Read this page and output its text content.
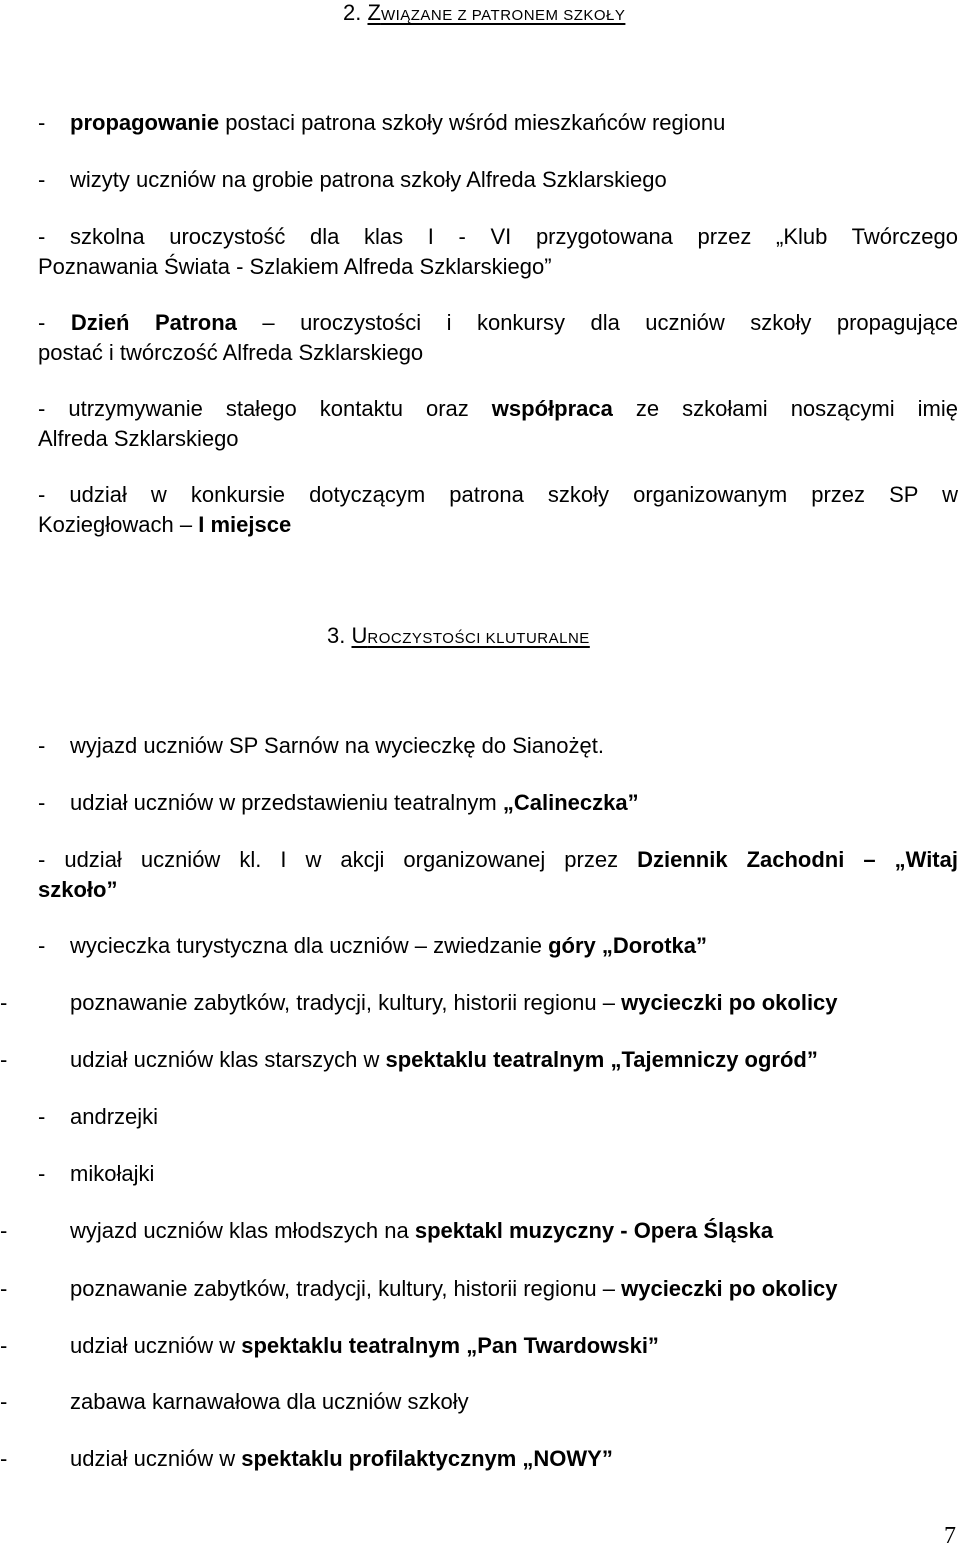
2. ZWIĄZANE Z PATRONEM SZKOŁY
- propagowanie postaci patrona szkoły wśród mieszkańców regionu
- wizyty uczniów na grobie patrona szkoły Alfreda Szklarskiego
- szkolna uroczystość dla klas I - VI przygotowana przez „Klub Twórczego
Poznawania Świata - Szlakiem Alfreda Szklarskiego”
- Dzień Patrona – uroczystości i konkursy dla uczniów szkoły propagujące
postać i twórczość Alfreda Szklarskiego
- utrzymywanie stałego kontaktu oraz współpraca ze szkołami noszącymi imię
Alfreda Szklarskiego
- udział w konkursie dotyczącym patrona szkoły organizowanym przez SP w
Koziegłowach – I miejsce
3. UROCZYSTOŚCI KLUTURALNE
- wyjazd uczniów SP Sarnów na wycieczkę do Sianożęt.
- udział uczniów w przedstawieniu teatralnym „Calineczka”
- udział uczniów kl. I w akcji organizowanej przez Dziennik Zachodni – „Witaj
szkoło”
- wycieczka turystyczna dla uczniów – zwiedzanie góry „Dorotka”
-	poznawanie zabytków, tradycji, kultury, historii regionu – wycieczki po okolicy
-	udział uczniów klas starszych w spektaklu teatralnym „Tajemniczy ogród”
- andrzejki
- mikołajki
-	wyjazd uczniów klas młodszych na spektakl muzyczny - Opera Śląska
-	poznawanie zabytków, tradycji, kultury, historii regionu – wycieczki po okolicy
-	udział uczniów w spektaklu teatralnym „Pan Twardowski”
-	zabawa karnawałowa dla uczniów szkoły
-	udział uczniów w spektaklu profilaktycznym „NOWY”
7
